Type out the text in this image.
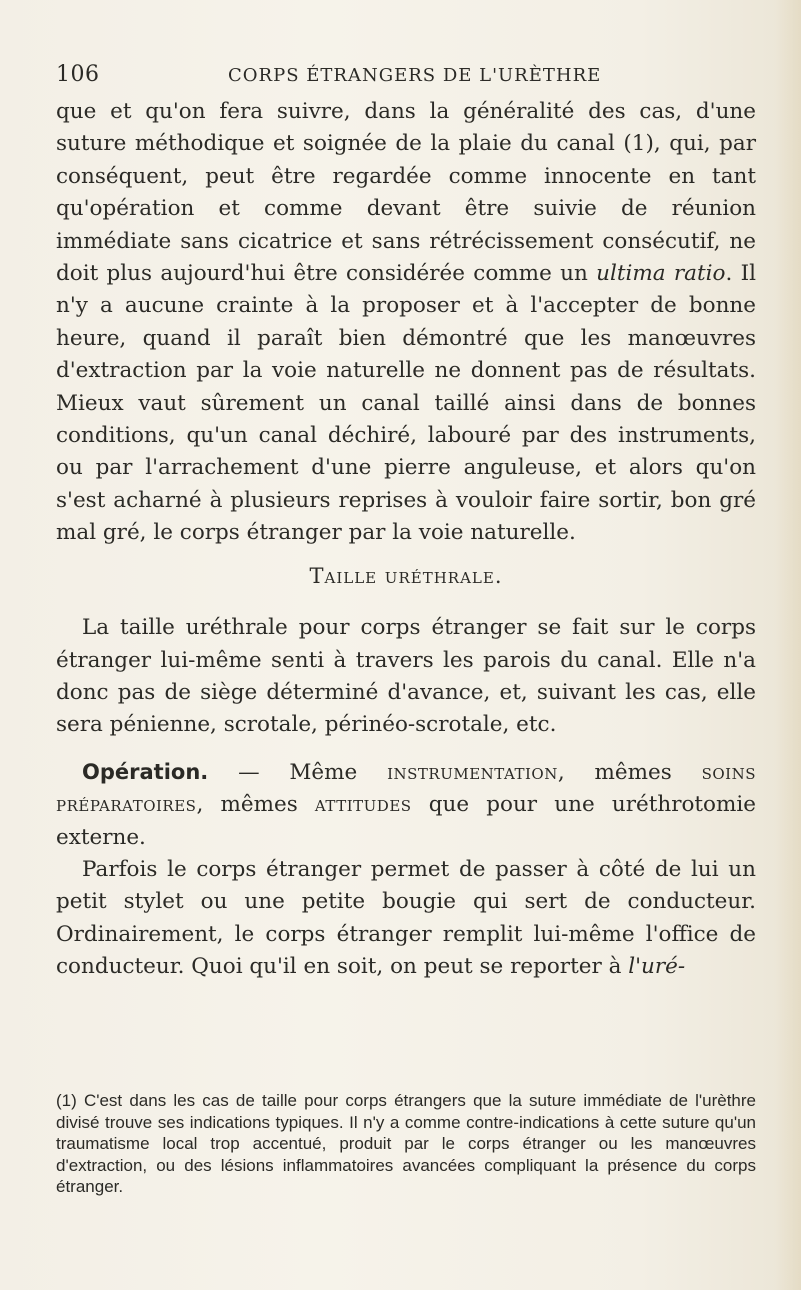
106	CORPS ÉTRANGERS DE L'URÈTHRE

que et qu'on fera suivre, dans la généralité des cas, d'une suture méthodique et soignée de la plaie du canal (1), qui, par conséquent, peut être regardée comme innocente en tant qu'opération et comme devant être suivie de réunion immédiate sans cicatrice et sans rétrécissement consécutif, ne doit plus aujourd'hui être considérée comme un ultima ratio. Il n'y a aucune crainte à la proposer et à l'accepter de bonne heure, quand il paraît bien démontré que les manœuvres d'extraction par la voie naturelle ne donnent pas de résultats. Mieux vaut sûrement un canal taillé ainsi dans de bonnes conditions, qu'un canal déchiré, labouré par des instruments, ou par l'arrachement d'une pierre anguleuse, et alors qu'on s'est acharné à plusieurs reprises à vouloir faire sortir, bon gré mal gré, le corps étranger par la voie naturelle.

Taille uréthrale.

La taille uréthrale pour corps étranger se fait sur le corps étranger lui-même senti à travers les parois du canal. Elle n'a donc pas de siège déterminé d'avance, et, suivant les cas, elle sera pénienne, scrotale, périnéo-scrotale, etc.

Opération. — Même instrumentation, mêmes soins préparatoires, mêmes attitudes que pour une uréthrotomie externe.

Parfois le corps étranger permet de passer à côté de lui un petit stylet ou une petite bougie qui sert de conducteur. Ordinairement, le corps étranger remplit lui-même l'office de conducteur. Quoi qu'il en soit, on peut se reporter à l'uré-

(1) C'est dans les cas de taille pour corps étrangers que la suture immédiate de l'urèthre divisé trouve ses indications typiques. Il n'y a comme contre-indications à cette suture qu'un traumatisme local trop accentué, produit par le corps étranger ou les manœuvres d'extraction, ou des lésions inflammatoires avancées compliquant la présence du corps étranger.
